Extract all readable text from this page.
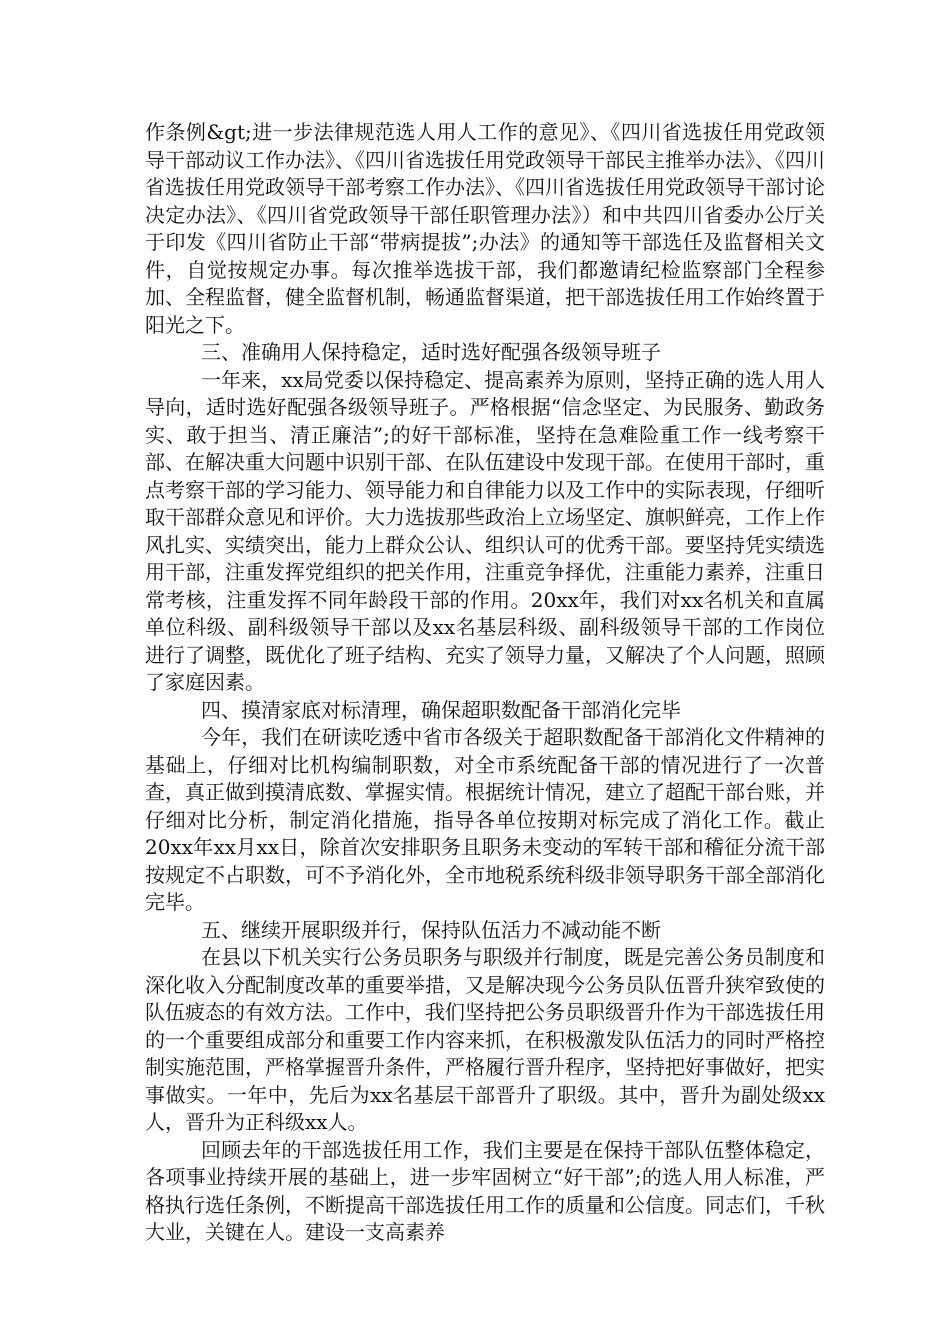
作条例&gt;进一步法律规范选人用人工作的意见》、《四川省选拔任用党政领导干部动议工作办法》、《四川省选拔任用党政领导干部民主推举办法》、《四川省选拔任用党政领导干部考察工作办法》、《四川省选拔任用党政领导干部讨论决定办法》、《四川省党政领导干部任职管理办法》）和中共四川省委办公厅关于印发《四川省防止干部“带病提拔”;办法》的通知等干部选任及监督相关文件，自觉按规定办事。每次推举选拔干部，我们都邀请纪检监察部门全程参加、全程监督，健全监督机制，畅通监督渠道，把干部选拔任用工作始终置于阳光之下。

三、准确用人保持稳定，适时选好配强各级领导班子

一年来，xx局党委以保持稳定、提高素养为原则，坚持正确的选人用人导向，适时选好配强各级领导班子。严格根据“信念坚定、为民服务、勤政务实、敢于担当、清正廉洁”;的好干部标准，坚持在急难险重工作一线考察干部、在解决重大问题中识别干部、在队伍建设中发现干部。在使用干部时，重点考察干部的学习能力、领导能力和自律能力以及工作中的实际表现，仔细听取干部群众意见和评价。大力选拔那些政治上立场坚定、旗帜鲜亮，工作上作风扎实、实绩突出，能力上群众公认、组织认可的优秀干部。要坚持凭实绩选用干部，注重发挥党组织的把关作用，注重竞争择优，注重能力素养，注重日常考核，注重发挥不同年龄段干部的作用。20xx年，我们对xx名机关和直属单位科级、副科级领导干部以及xx名基层科级、副科级领导干部的工作岗位进行了调整，既优化了班子结构、充实了领导力量，又解决了个人问题，照顾了家庭因素。

四、摸清家底对标清理，确保超职数配备干部消化完毕

今年，我们在研读吃透中省市各级关于超职数配备干部消化文件精神的基础上，仔细对比机构编制职数，对全市系统配备干部的情况进行了一次普查，真正做到摸清底数、掌握实情。根据统计情况，建立了超配干部台账，并仔细对比分析，制定消化措施，指导各单位按期对标完成了消化工作。截止20xx年xx月xx日，除首次安排职务且职务未变动的军转干部和稽征分流干部按规定不占职数，可不予消化外，全市地税系统科级非领导职务干部全部消化完毕。

五、继续开展职级并行，保持队伍活力不减动能不断

在县以下机关实行公务员职务与职级并行制度，既是完善公务员制度和深化收入分配制度改革的重要举措，又是解决现今公务员队伍晋升狭窄致使的队伍疲态的有效方法。工作中，我们坚持把公务员职级晋升作为干部选拔任用的一个重要组成部分和重要工作内容来抓，在积极激发队伍活力的同时严格控制实施范围，严格掌握晋升条件，严格履行晋升程序，坚持把好事做好，把实事做实。一年中，先后为xx名基层干部晋升了职级。其中，晋升为副处级xx人，晋升为正科级xx人。

回顾去年的干部选拔任用工作，我们主要是在保持干部队伍整体稳定，各项事业持续开展的基础上，进一步牢固树立“好干部”;的选人用人标准，严格执行选任条例，不断提高干部选拔任用工作的质量和公信度。同志们，千秋大业，关键在人。建设一支高素养
